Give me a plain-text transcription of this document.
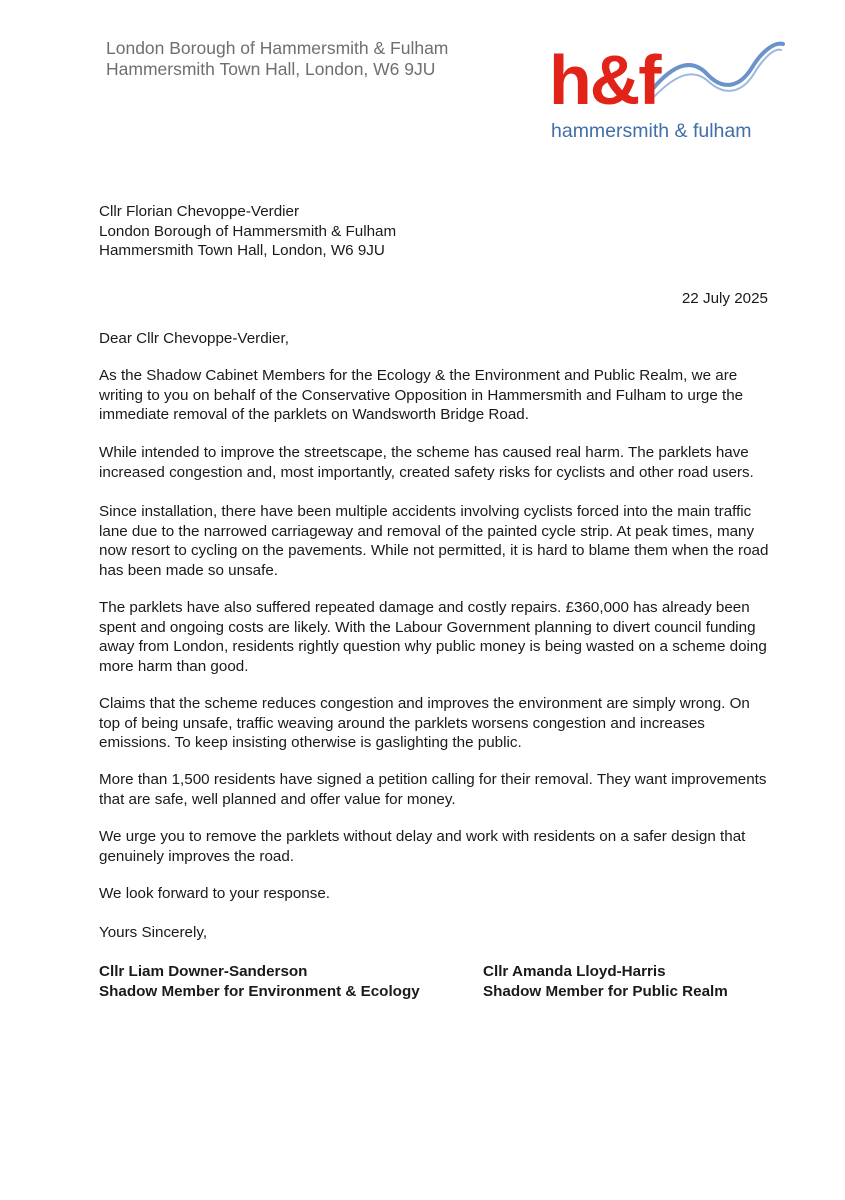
London Borough of Hammersmith & Fulham
Hammersmith Town Hall, London, W6 9JU h&f
hammersmith & fulham
Cllr Florian Chevoppe-Verdier
London Borough of Hammersmith & Fulham
Hammersmith Town Hall, London, W6 9JU
22 July 2025

Dear Cllr Chevoppe-Verdier,

As the Shadow Cabinet Members for the Ecology & the Environment and Public Realm, we are writing to you on behalf of the Conservative Opposition in Hammersmith and Fulham to urge the immediate removal of the parklets on Wandsworth Bridge Road.

While intended to improve the streetscape, the scheme has caused real harm. The parklets have increased congestion and, most importantly, created safety risks for cyclists and other road users.

Since installation, there have been multiple accidents involving cyclists forced into the main traffic lane due to the narrowed carriageway and removal of the painted cycle strip. At peak times, many now resort to cycling on the pavements. While not permitted, it is hard to blame them when the road has been made so unsafe.

The parklets have also suffered repeated damage and costly repairs. £360,000 has already been spent and ongoing costs are likely. With the Labour Government planning to divert council funding away from London, residents rightly question why public money is being wasted on a scheme doing more harm than good.

Claims that the scheme reduces congestion and improves the environment are simply wrong. On top of being unsafe, traffic weaving around the parklets worsens congestion and increases emissions. To keep insisting otherwise is gaslighting the public.

More than 1,500 residents have signed a petition calling for their removal. They want improvements that are safe, well planned and offer value for money.

We urge you to remove the parklets without delay and work with residents on a safer design that genuinely improves the road.

We look forward to your response.

Yours Sincerely,

Cllr Liam Downer-Sanderson
Shadow Member for Environment & Ecology
Cllr Amanda Lloyd-Harris
Shadow Member for Public Realm
